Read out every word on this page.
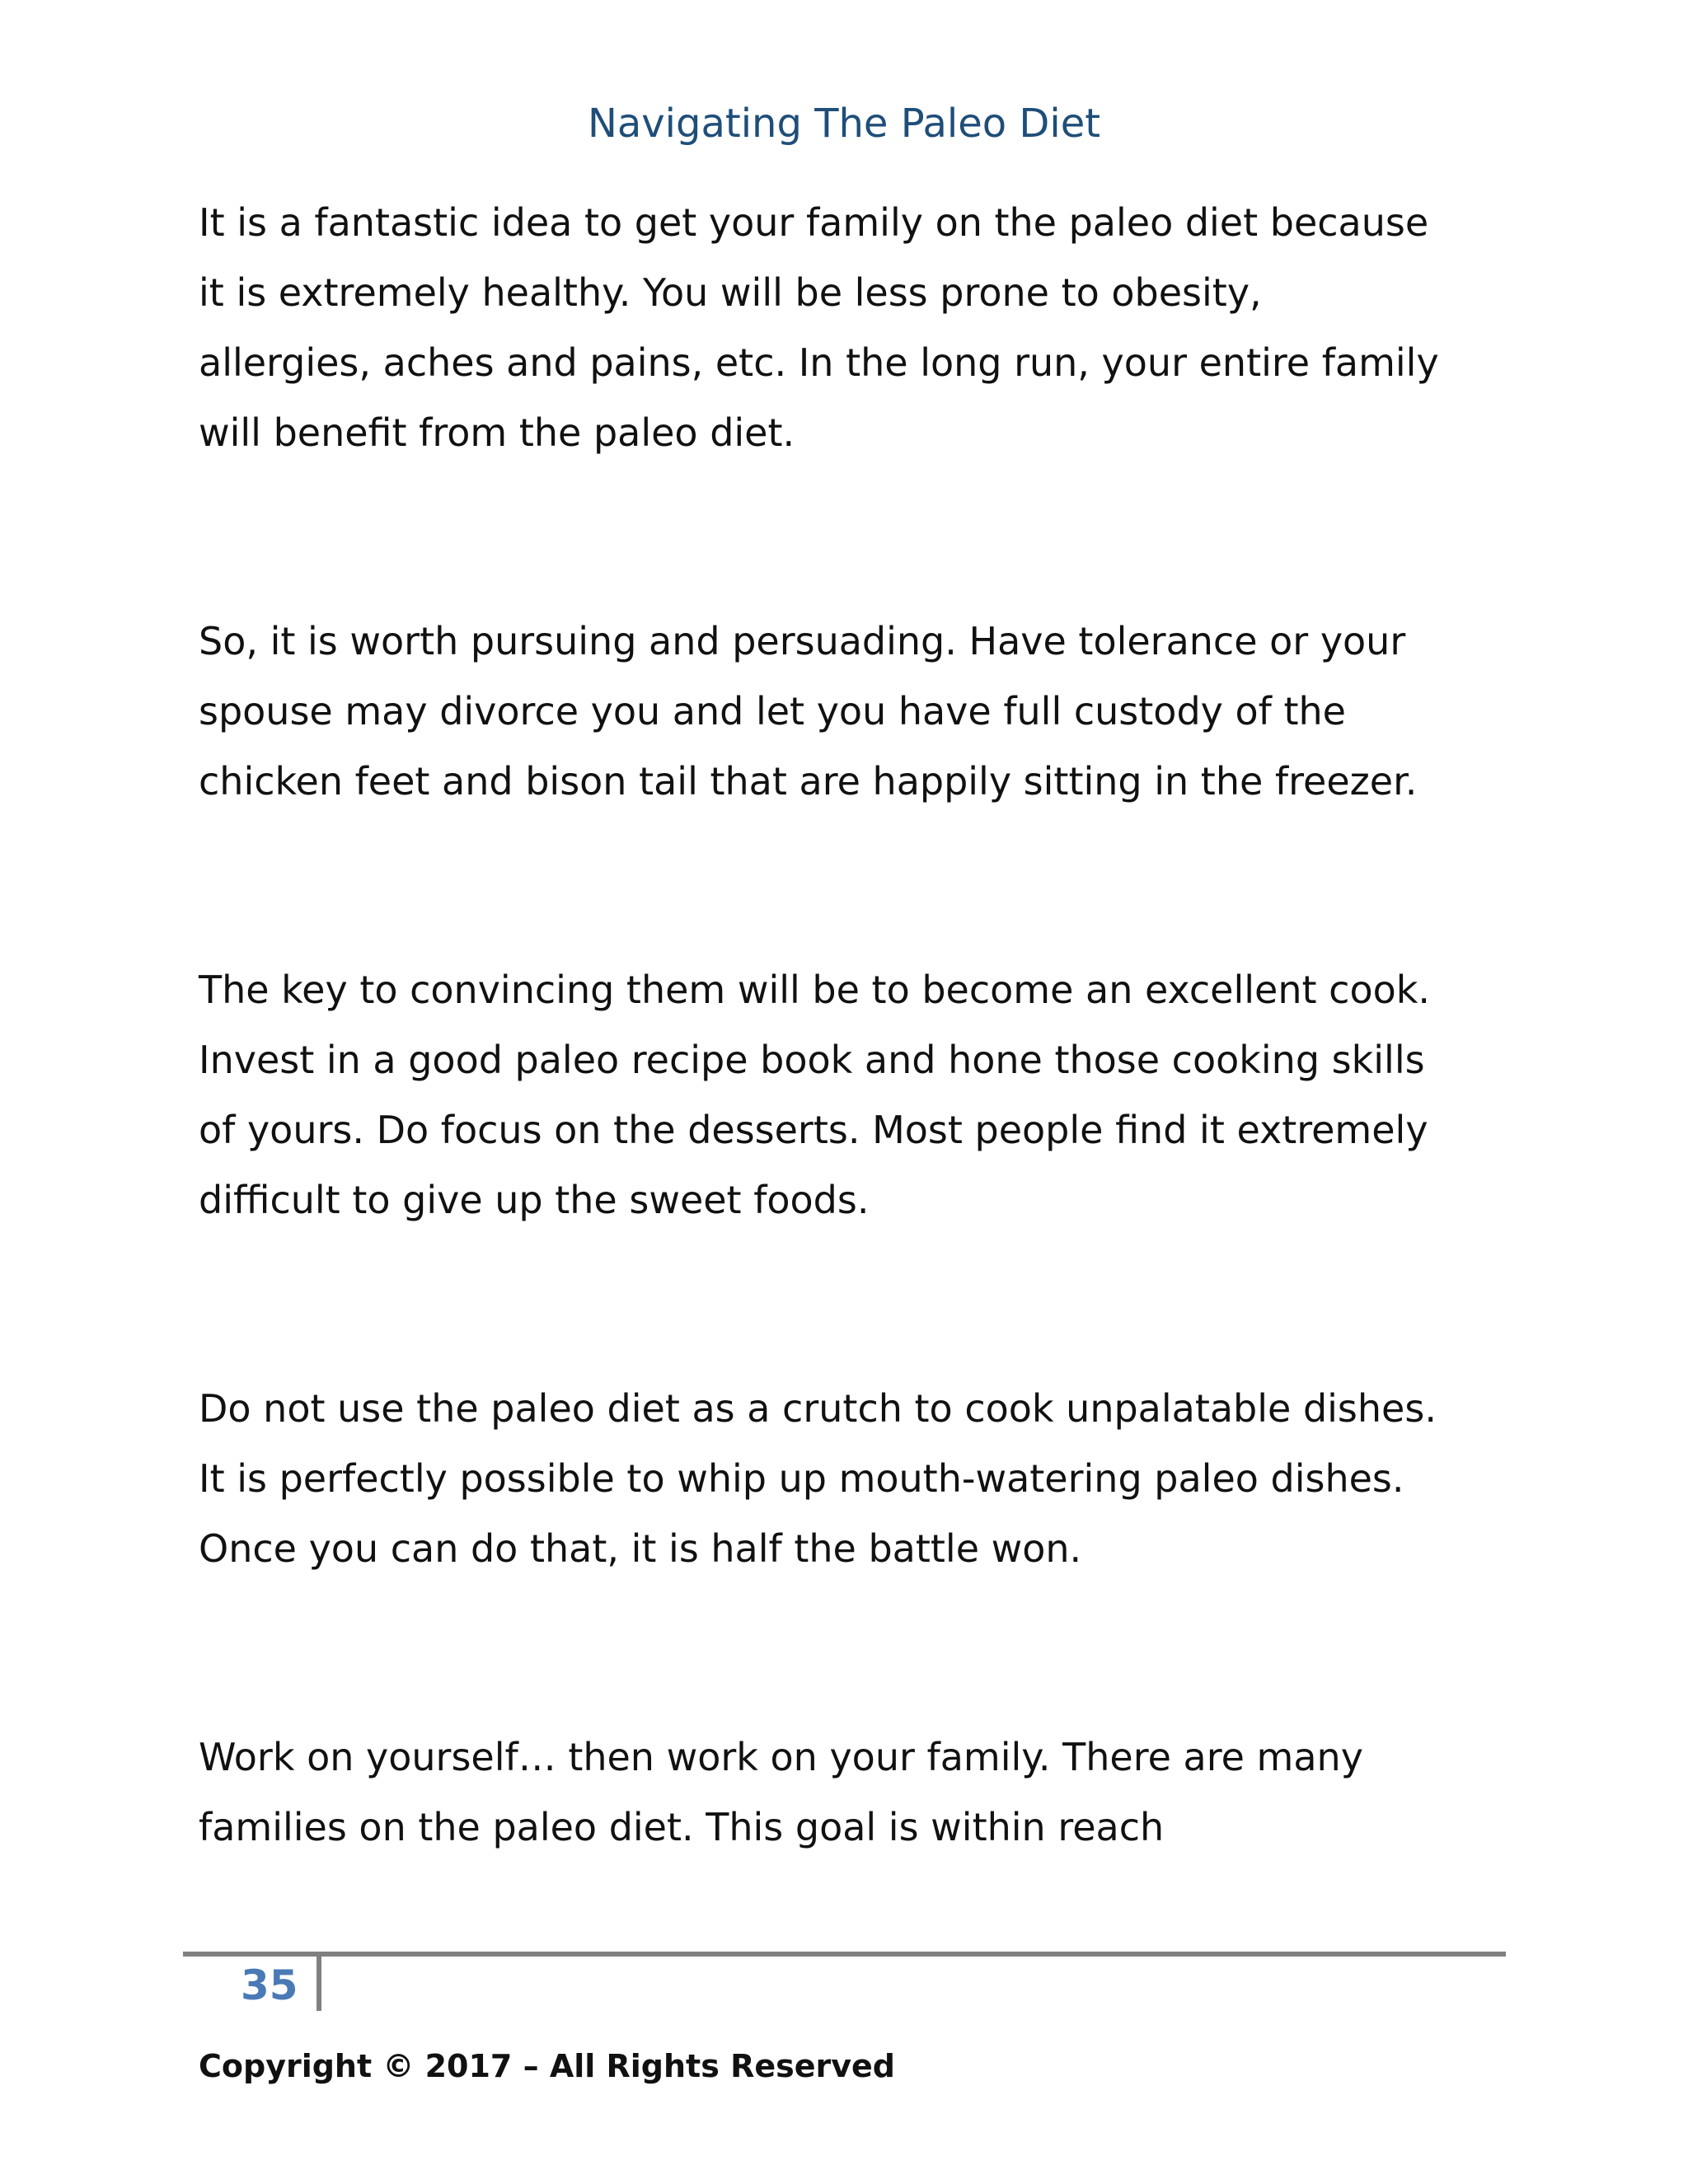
Navigating The Paleo Diet

It is a fantastic idea to get your family on the paleo diet because
it is extremely healthy. You will be less prone to obesity,
allergies, aches and pains, etc. In the long run, your entire family
will benefit from the paleo diet.

So, it is worth pursuing and persuading. Have tolerance or your
spouse may divorce you and let you have full custody of the
chicken feet and bison tail that are happily sitting in the freezer.

The key to convincing them will be to become an excellent cook.
Invest in a good paleo recipe book and hone those cooking skills
of yours. Do focus on the desserts. Most people find it extremely
difficult to give up the sweet foods.

Do not use the paleo diet as a crutch to cook unpalatable dishes.
It is perfectly possible to whip up mouth-watering paleo dishes.
Once you can do that, it is half the battle won.

Work on yourself… then work on your family. There are many
families on the paleo diet. This goal is within reach

35
Copyright © 2017 – All Rights Reserved
